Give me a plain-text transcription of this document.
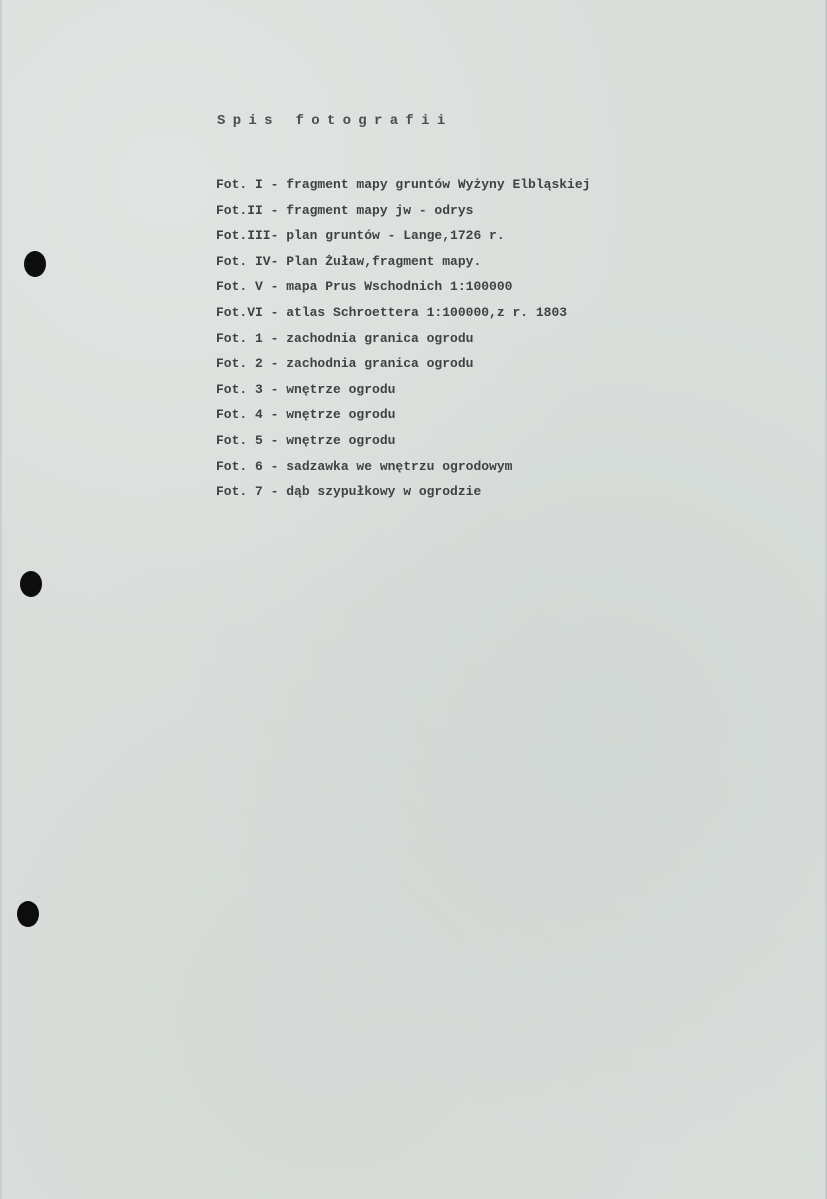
Spis fotografii
Fot. I - fragment mapy gruntów Wyżyny Elbląskiej
Fot.II - fragment mapy jw - odrys
Fot.III- plan gruntów - Lange,1726 r.
Fot. IV- Plan Żuław,fragment mapy.
Fot. V - mapa Prus Wschodnich 1:100000
Fot.VI - atlas Schroettera 1:100000,z r. 1803
Fot. 1 - zachodnia granica ogrodu
Fot. 2 - zachodnia granica ogrodu
Fot. 3 - wnętrze ogrodu
Fot. 4 - wnętrze ogrodu
Fot. 5 - wnętrze ogrodu
Fot. 6 - sadzawka we wnętrzu ogrodowym
Fot. 7 - dąb szypułkowy w ogrodzie
